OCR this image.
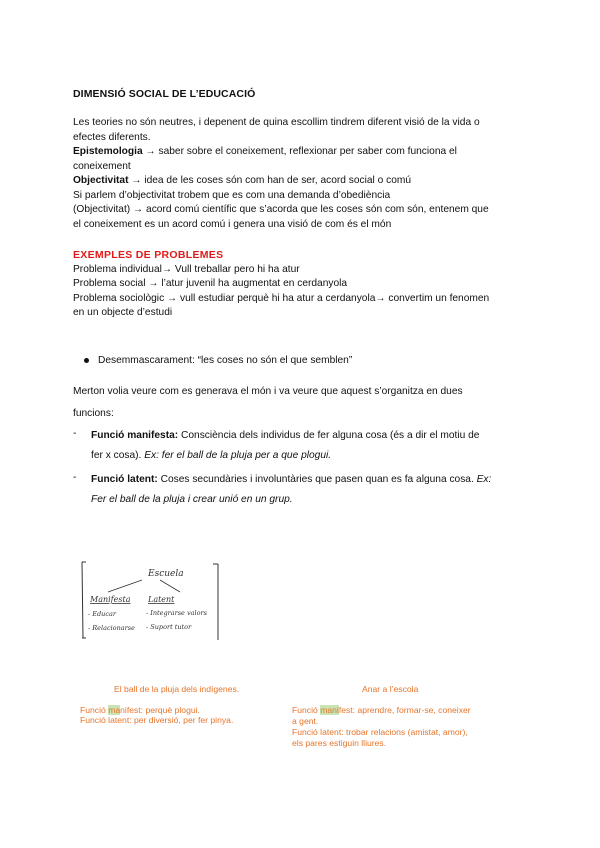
DIMENSIÓ SOCIAL DE L’EDUCACIÓ
Les teories no són neutres, i depenent de quina escollim tindrem diferent visió de la vida o
efectes diferents.
Epistemologia → saber sobre el coneixement, reflexionar per saber com funciona el
coneixement
Objectivitat → idea de les coses són com han de ser, acord social o comú
Si parlem d’objectivitat trobem que es com una demanda d’obediència
(Objectivitat) → acord comú científic que s’acorda que les coses són com són, entenem que
el coneixement es un acord comú i genera una visió de com és el món
EXEMPLES DE PROBLEMES
Problema individual→ Vull treballar pero hi ha atur
Problema social → l’atur juvenil ha augmentat en cerdanyola
Problema sociològic → vull estudiar perquè hi ha atur a cerdanyola→ convertim un fenomen
en un objecte d’estudi
Desemmascarament: “les coses no són el que semblen”
Merton volia veure com es generava el món i va veure que aquest s’organitza en dues
funcions:
- Funció manifesta: Consciència dels individus de fer alguna cosa (és a dir el motiu de
fer x cosa). Ex: fer el ball de la pluja per a que plogui.
- Funció latent: Coses secundàries i involuntàries que pasen quan es fa alguna cosa. Ex:
Fer el ball de la pluja i crear unió en un grup.
Escuela
Manifesta Latent
- Educar
- Relacionarse
- Integrarse valors
- Suport tutor
El ball de la pluja dels indígenes.
Funció manifest: perquè plogui.
Funció latent: per diversió, per fer pinya.
Anar a l’escola
Funció manifest: aprendre, formar-se, coneixer
a gent.
Funció latent: trobar relacions (amistat, amor),
els pares estiguin lliures.
